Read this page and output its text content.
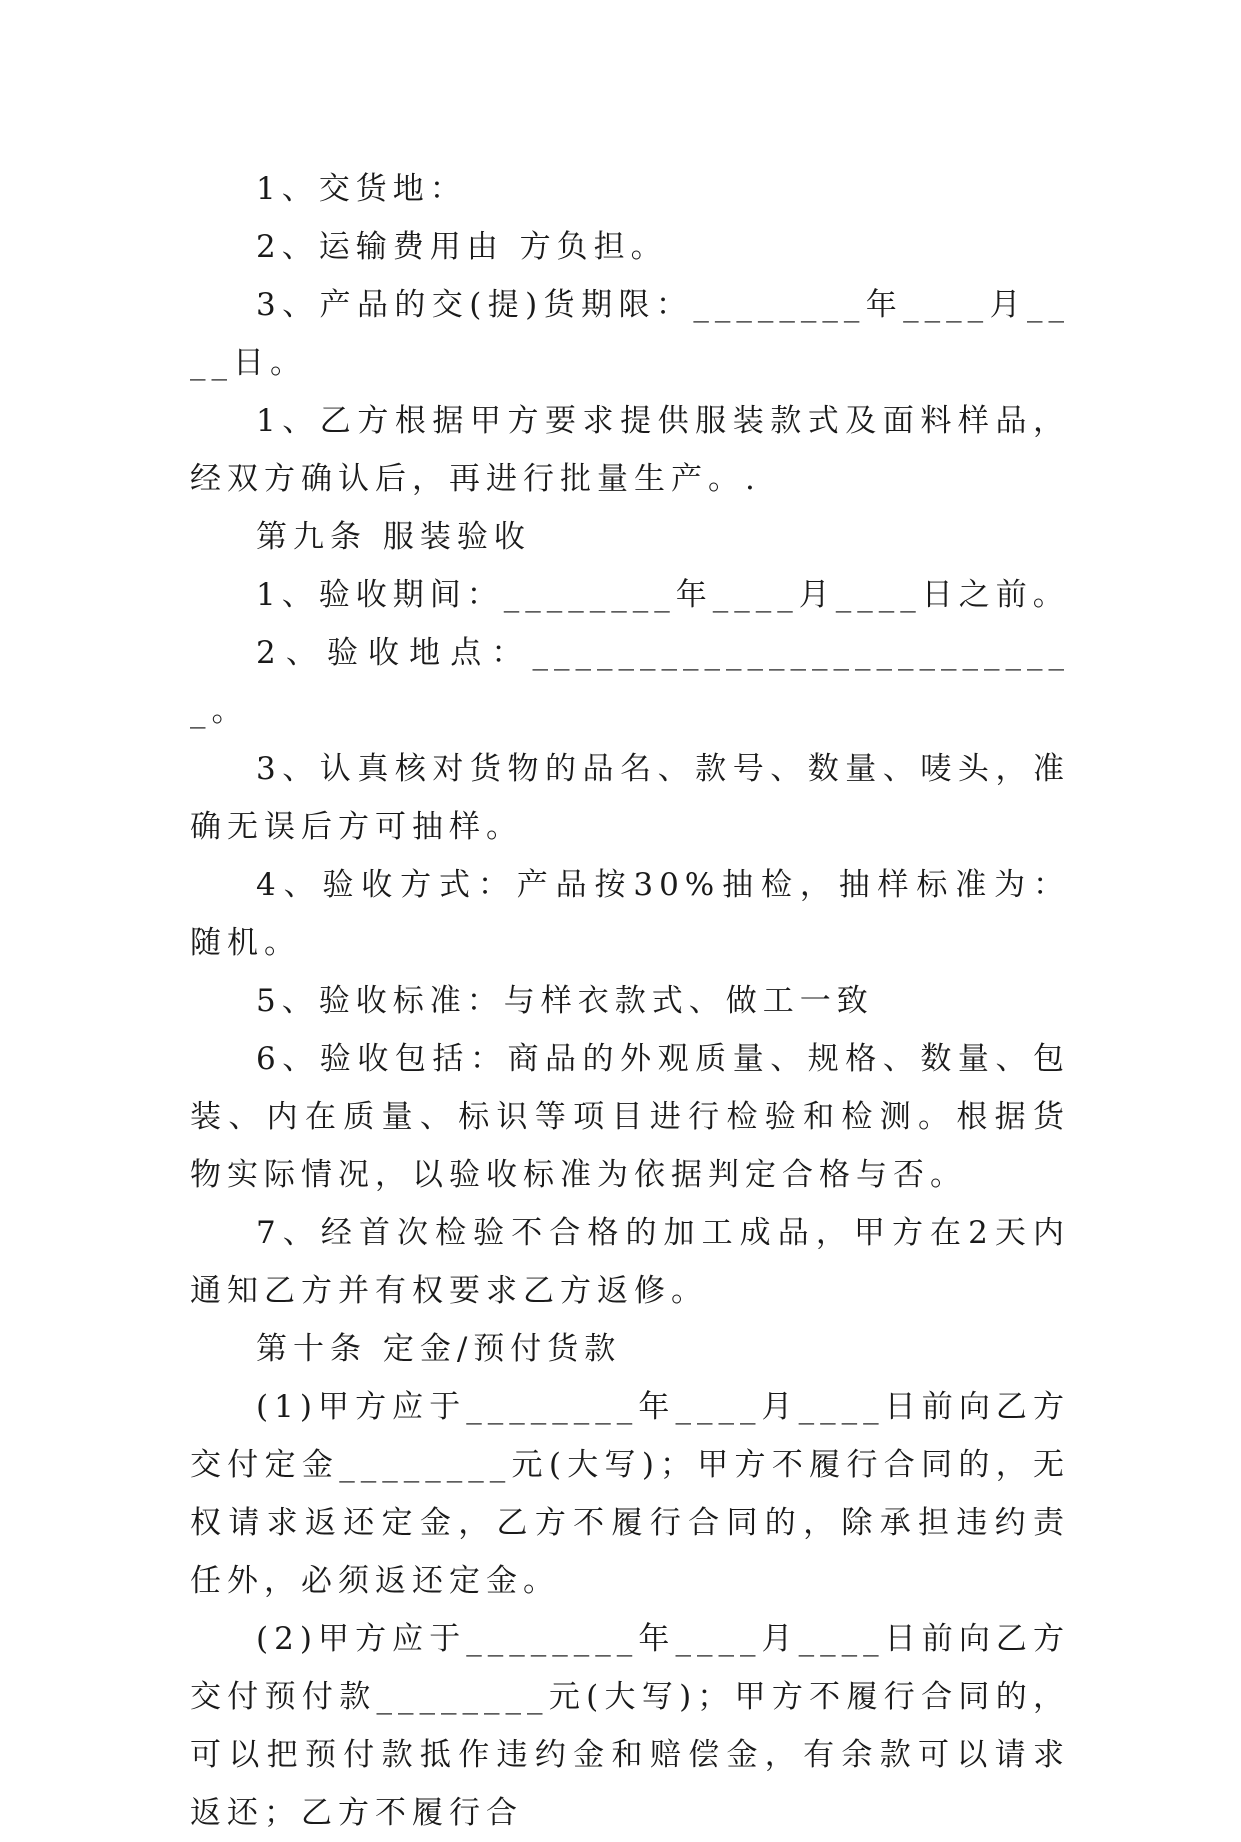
1、交货地：

2、运输费用由 方负担。

3、产品的交(提)货期限：________年____月____日。

1、乙方根据甲方要求提供服装款式及面料样品，经双方确认后，再进行批量生产。.

第九条 服装验收

1、验收期间：________年____月____日之前。

2、验收地点：__________________________。

3、认真核对货物的品名、款号、数量、唛头，准确无误后方可抽样。

4、验收方式：产品按30%抽检，抽样标准为：随机。

5、验收标准：与样衣款式、做工一致

6、验收包括：商品的外观质量、规格、数量、包装、内在质量、标识等项目进行检验和检测。根据货物实际情况，以验收标准为依据判定合格与否。

7、经首次检验不合格的加工成品，甲方在2天内通知乙方并有权要求乙方返修。

第十条 定金/预付货款

(1)甲方应于________年____月____日前向乙方交付定金________元(大写)；甲方不履行合同的，无权请求返还定金，乙方不履行合同的，除承担违约责任外，必须返还定金。

(2)甲方应于________年____月____日前向乙方交付预付款________元(大写)；甲方不履行合同的，可以把预付款抵作违约金和赔偿金，有余款可以请求返还；乙方不履行合
